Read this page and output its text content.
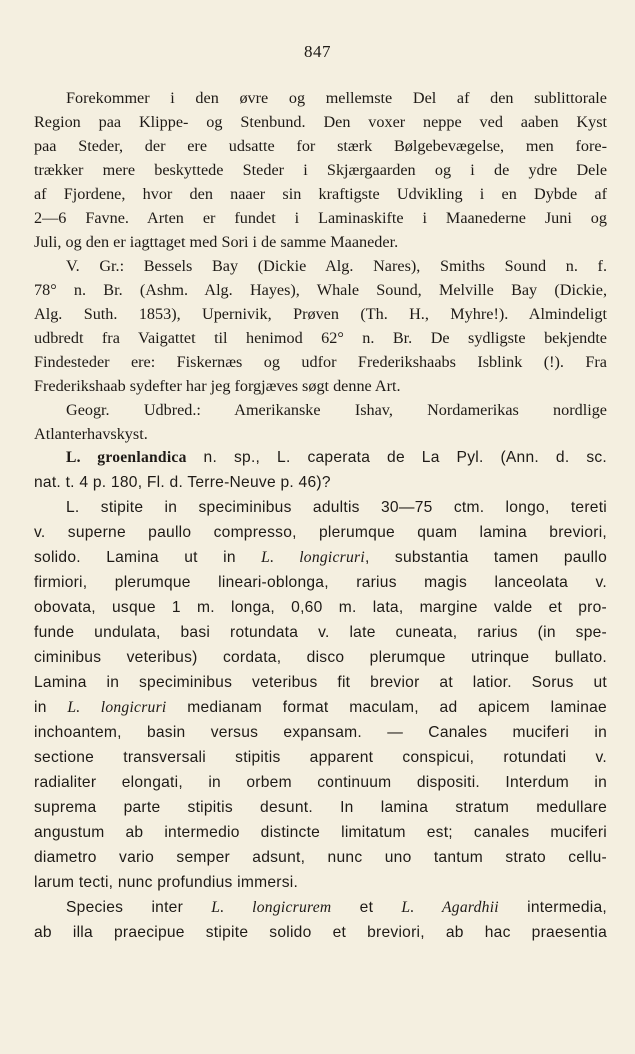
847
Forekommer i den øvre og mellemste Del af den sublittorale
Region paa Klippe- og Stenbund. Den voxer neppe ved aaben Kyst
paa Steder, der ere udsatte for stærk Bølgebevægelse, men fore-
trækker mere beskyttede Steder i Skjærgaarden og i de ydre Dele
af Fjordene, hvor den naaer sin kraftigste Udvikling i en Dybde af
2—6 Favne. Arten er fundet i Laminaskifte i Maanederne Juni og
Juli, og den er iagttaget med Sori i de samme Maaneder.
V. Gr.: Bessels Bay (Dickie Alg. Nares), Smiths Sound n. f.
78° n. Br. (Ashm. Alg. Hayes), Whale Sound, Melville Bay (Dickie,
Alg. Suth. 1853), Upernivik, Prøven (Th. H., Myhre!). Almindeligt
udbredt fra Vaigattet til henimod 62° n. Br. De sydligste bekjendte
Findesteder ere: Fiskernæs og udfor Frederikshaabs Isblink (!). Fra
Frederikshaab sydefter har jeg forgjæves søgt denne Art.
Geogr. Udbred.: Amerikanske Ishav, Nordamerikas nordlige
Atlanterhavskyst.
L. groenlandica n. sp., L. caperata de La Pyl. (Ann. d. sc.
nat. t. 4 p. 180, Fl. d. Terre-Neuve p. 46)?
L. stipite in speciminibus adultis 30—75 ctm. longo, tereti
v. superne paullo compresso, plerumque quam lamina breviori,
solido. Lamina ut in L. longicruri, substantia tamen paullo
firmiori, plerumque lineari-oblonga, rarius magis lanceolata v.
obovata, usque 1 m. longa, 0,60 m. lata, margine valde et pro-
funde undulata, basi rotundata v. late cuneata, rarius (in spe-
ciminibus veteribus) cordata, disco plerumque utrinque bullato.
Lamina in speciminibus veteribus fit brevior at latior. Sorus ut
in L. longicruri medianam format maculam, ad apicem laminae
inchoantem, basin versus expansam. — Canales muciferi in
sectione transversali stipitis apparent conspicui, rotundati v.
radialiter elongati, in orbem continuum dispositi. Interdum in
suprema parte stipitis desunt. In lamina stratum medullare
angustum ab intermedio distincte limitatum est; canales muciferi
diametro vario semper adsunt, nunc uno tantum strato cellu-
larum tecti, nunc profundius immersi.
Species inter L. longicrurem et L. Agardhii intermedia,
ab illa praecipue stipite solido et breviori, ab hac praesentia
